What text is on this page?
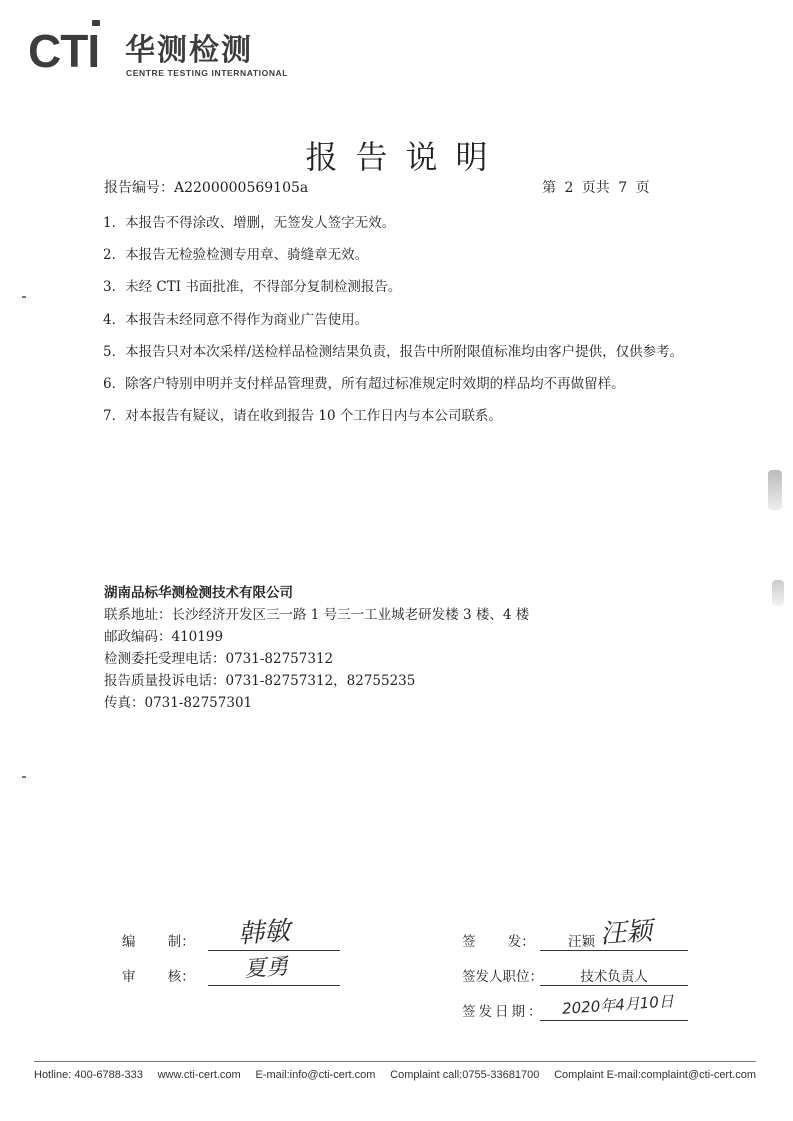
CTI 华测检测
CENTRE TESTING INTERNATIONAL
报告说明
报告编号：A2200000569105a	第 2 页共 7 页
1．本报告不得涂改、增删，无签发人签字无效。
2．本报告无检验检测专用章、骑缝章无效。
3．未经 CTI 书面批准，不得部分复制检测报告。
4．本报告未经同意不得作为商业广告使用。
5．本报告只对本次采样/送检样品检测结果负责，报告中所附限值标准均由客户提供，仅供参考。
6．除客户特别申明并支付样品管理费，所有超过标准规定时效期的样品均不再做留样。
7．对本报告有疑议，请在收到报告 10 个工作日内与本公司联系。
湖南品标华测检测技术有限公司
联系地址：长沙经济开发区三一路 1 号三一工业城老研发楼 3 楼、4 楼
邮政编码：410199
检测委托受理电话：0731-82757312
报告质量投诉电话：0731-82757312，82755235
传真：0731-82757301
编 制： 韩敏
审 核： 夏勇
签 发： 汪颖 汪颖
签发人职位：	技术负责人
签发日期： 2020年4月10日
Hotline: 400-6788-333 www.cti-cert.com E-mail:info@cti-cert.com Complaint call:0755-33681700 Complaint E-mail:complaint@cti-cert.com
